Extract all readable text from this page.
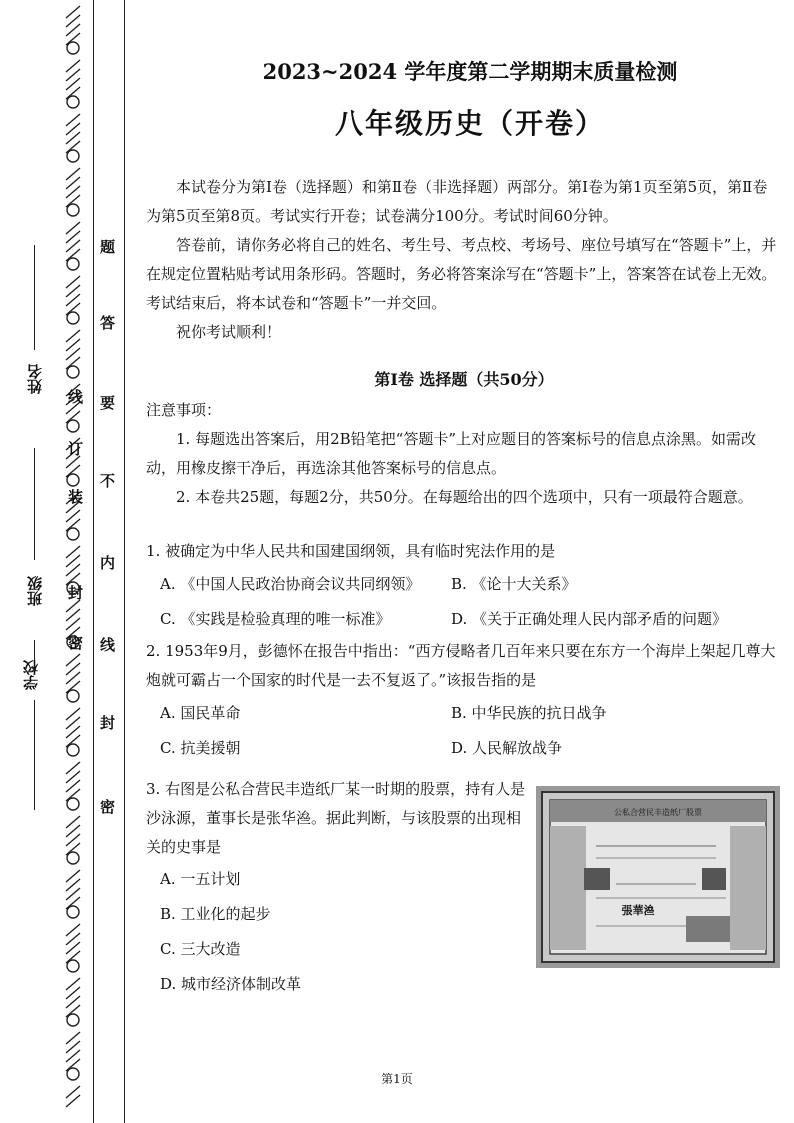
题
答
要
不
内
线
封
密
线
订
装
封
密
姓名
班级
学校
2023~2024 学年度第二学期期末质量检测
八年级历史（开卷）
本试卷分为第Ⅰ卷（选择题）和第Ⅱ卷（非选择题）两部分。第Ⅰ卷为第1页至第5页，第Ⅱ卷为第5页至第8页。考试实行开卷；试卷满分100分。考试时间60分钟。
答卷前，请你务必将自己的姓名、考生号、考点校、考场号、座位号填写在“答题卡”上，并在规定位置粘贴考试用条形码。答题时，务必将答案涂写在“答题卡”上，答案答在试卷上无效。考试结束后，将本试卷和“答题卡”一并交回。
祝你考试顺利！
第Ⅰ卷 选择题（共50分）
注意事项：
1. 每题选出答案后，用2B铅笔把“答题卡”上对应题目的答案标号的信息点涂黑。如需改动，用橡皮擦干净后，再选涂其他答案标号的信息点。
2. 本卷共25题，每题2分，共50分。在每题给出的四个选项中，只有一项最符合题意。
1. 被确定为中华人民共和国建国纲领，具有临时宪法作用的是
A. 《中国人民政治协商会议共同纲领》	B. 《论十大关系》
C. 《实践是检验真理的唯一标准》	D. 《关于正确处理人民内部矛盾的问题》
2. 1953年9月，彭德怀在报告中指出：“西方侵略者几百年来只要在东方一个海岸上架起几尊大炮就可霸占一个国家的时代是一去不复返了。”该报告指的是
A. 国民革命	B. 中华民族的抗日战争
C. 抗美援朝	D. 人民解放战争
3. 右图是公私合营民丰造纸厂某一时期的股票，持有人是沙泳源，董事长是张华㴉。据此判断，与该股票的出现相关的史事是
A. 一五计划
B. 工业化的起步
C. 三大改造
D. 城市经济体制改革
公私合营民丰造纸厂股票
張華㴉
第1页
